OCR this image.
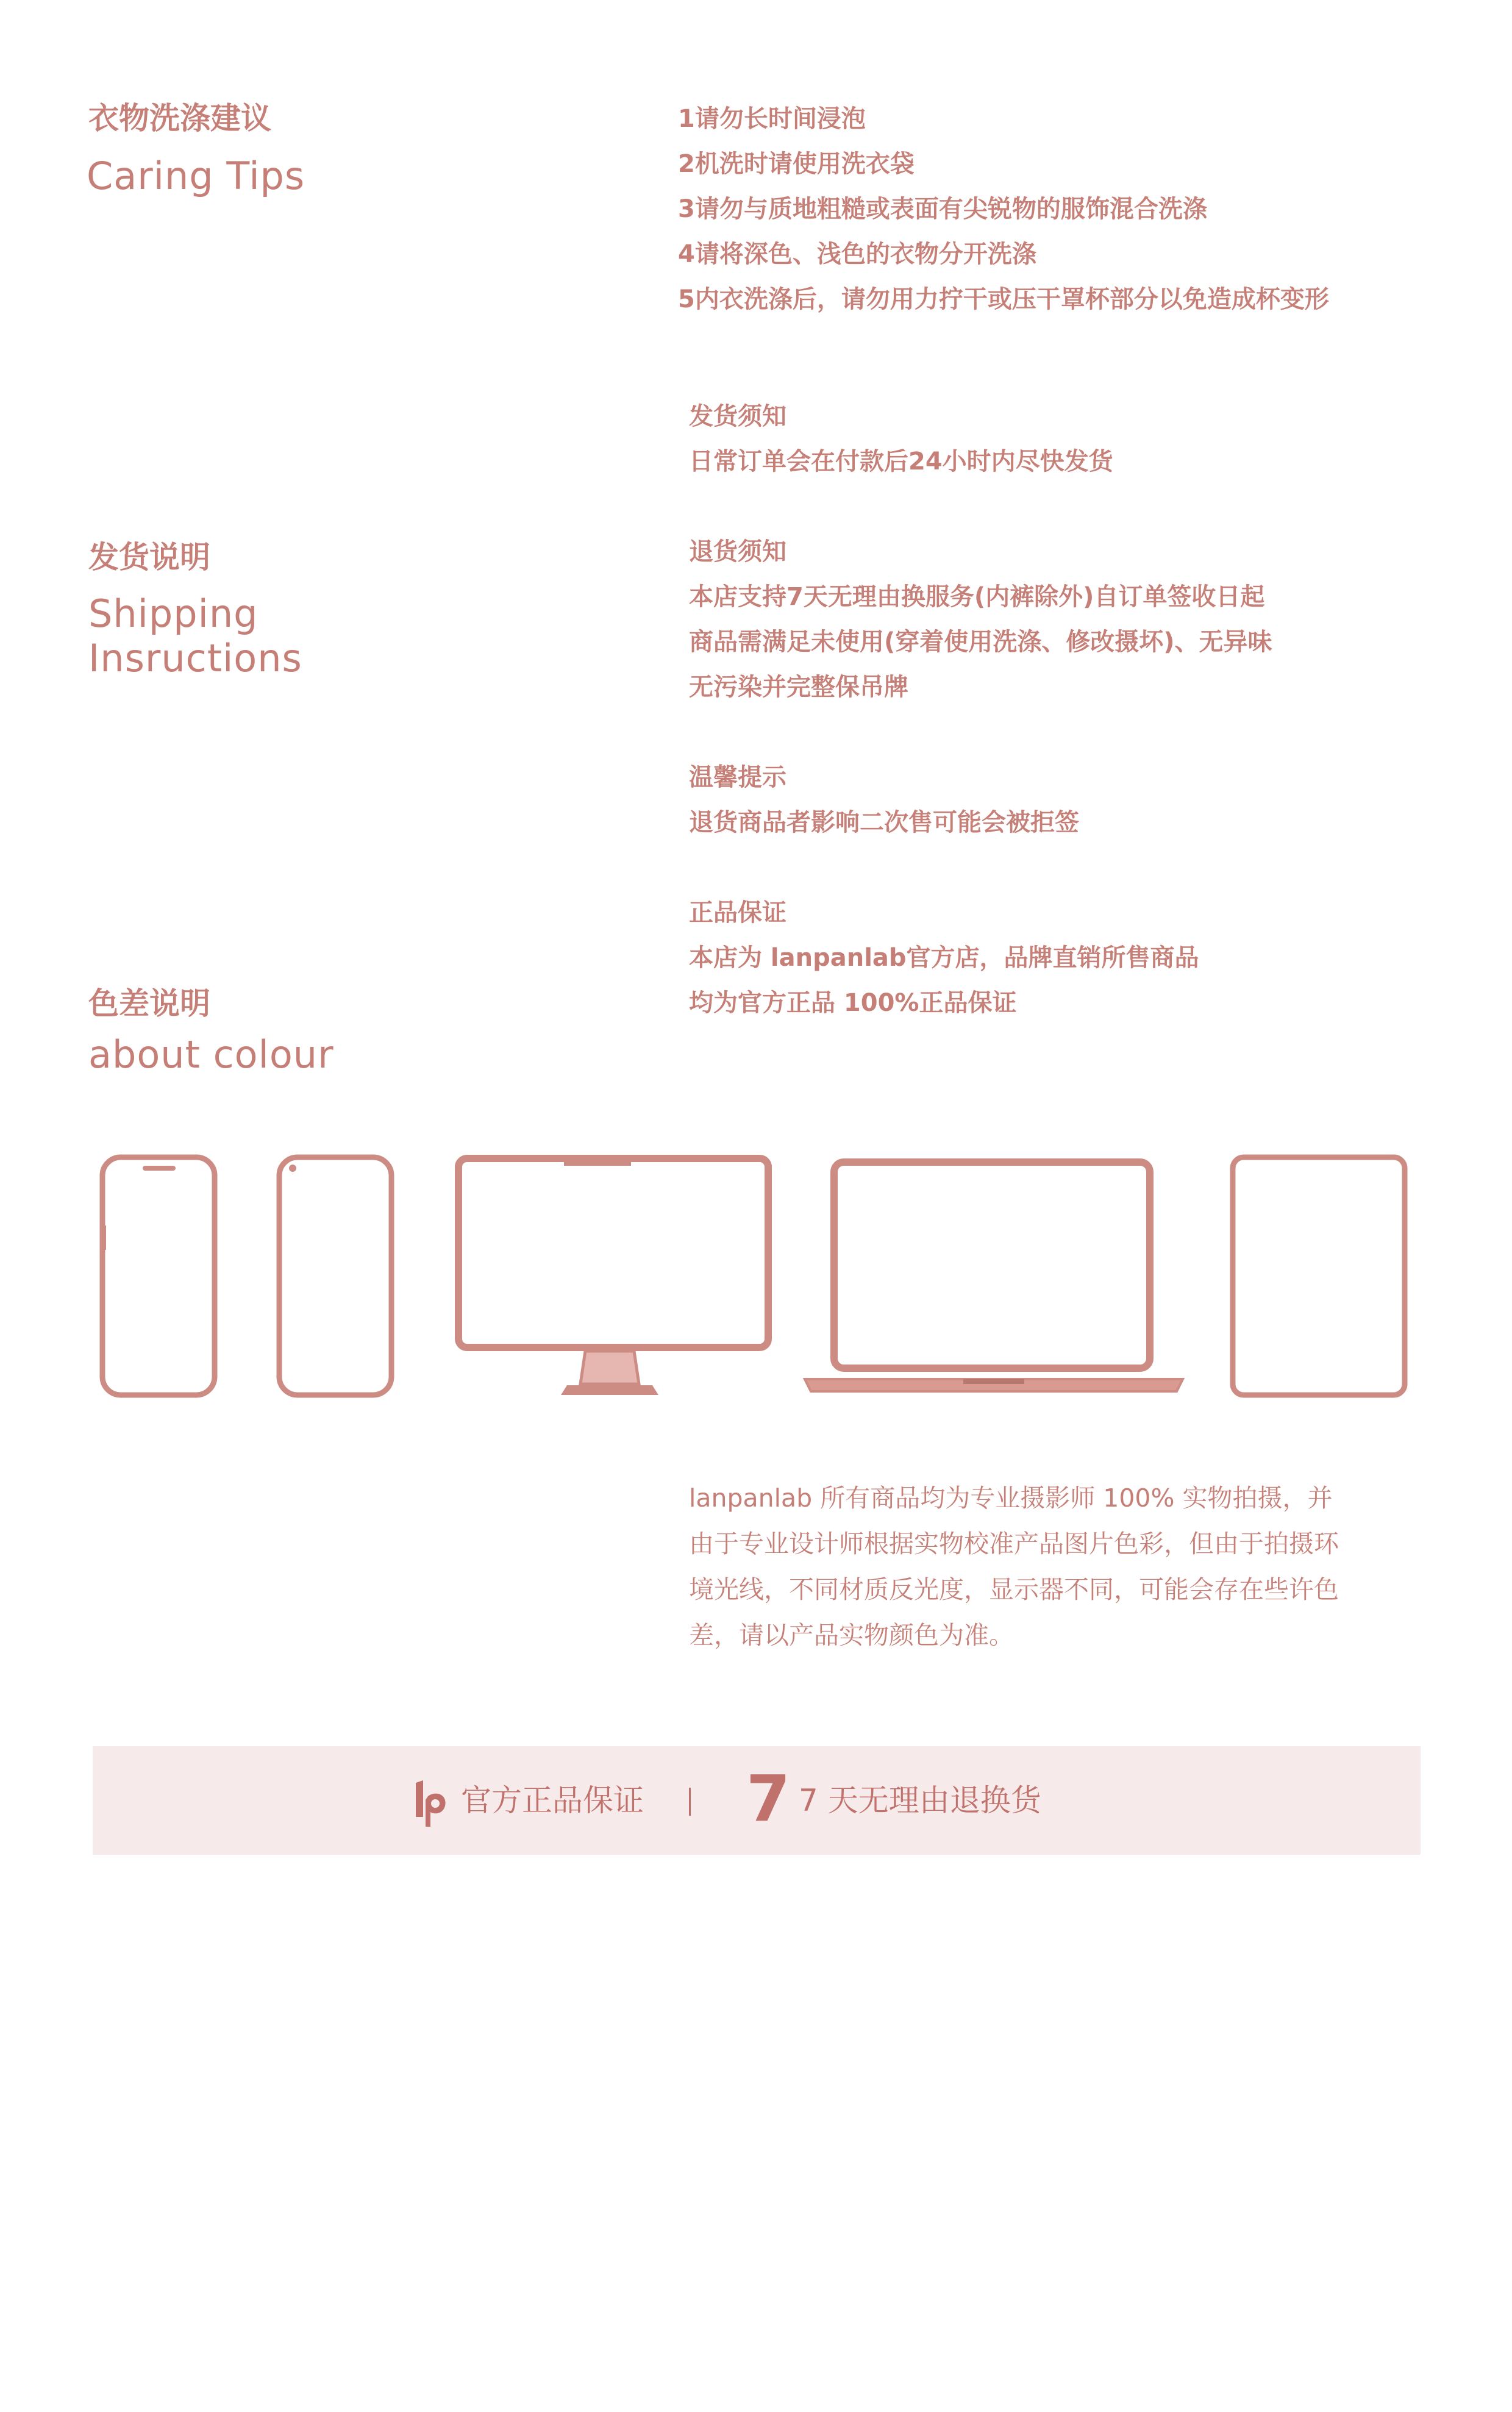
衣物洗涤建议
Caring Tips
1请勿长时间浸泡
2机洗时请使用洗衣袋
3请勿与质地粗糙或表面有尖锐物的服饰混合洗涤
4请将深色、浅色的衣物分开洗涤
5内衣洗涤后，请勿用力拧干或压干罩杯部分以免造成杯变形
发货说明
Shipping
Insructions
发货须知
日常订单会在付款后24小时内尽快发货
退货须知
本店支持7天无理由换服务(内裤除外)自订单签收日起
商品需满足未使用(穿着使用洗涤、修改摄坏)、无异味
无污染并完整保吊牌
温馨提示
退货商品者影响二次售可能会被拒签
正品保证
本店为 lanpanlab官方店，品牌直销所售商品
均为官方正品 100%正品保证
色差说明
about colour
lanpanlab 所有商品均为专业摄影师 100% 实物拍摄，并
由于专业设计师根据实物校准产品图片色彩，但由于拍摄环
境光线，不同材质反光度，显示器不同，可能会存在些许色
差，请以产品实物颜色为准。
官方正品保证 7 7 天无理由退换货
